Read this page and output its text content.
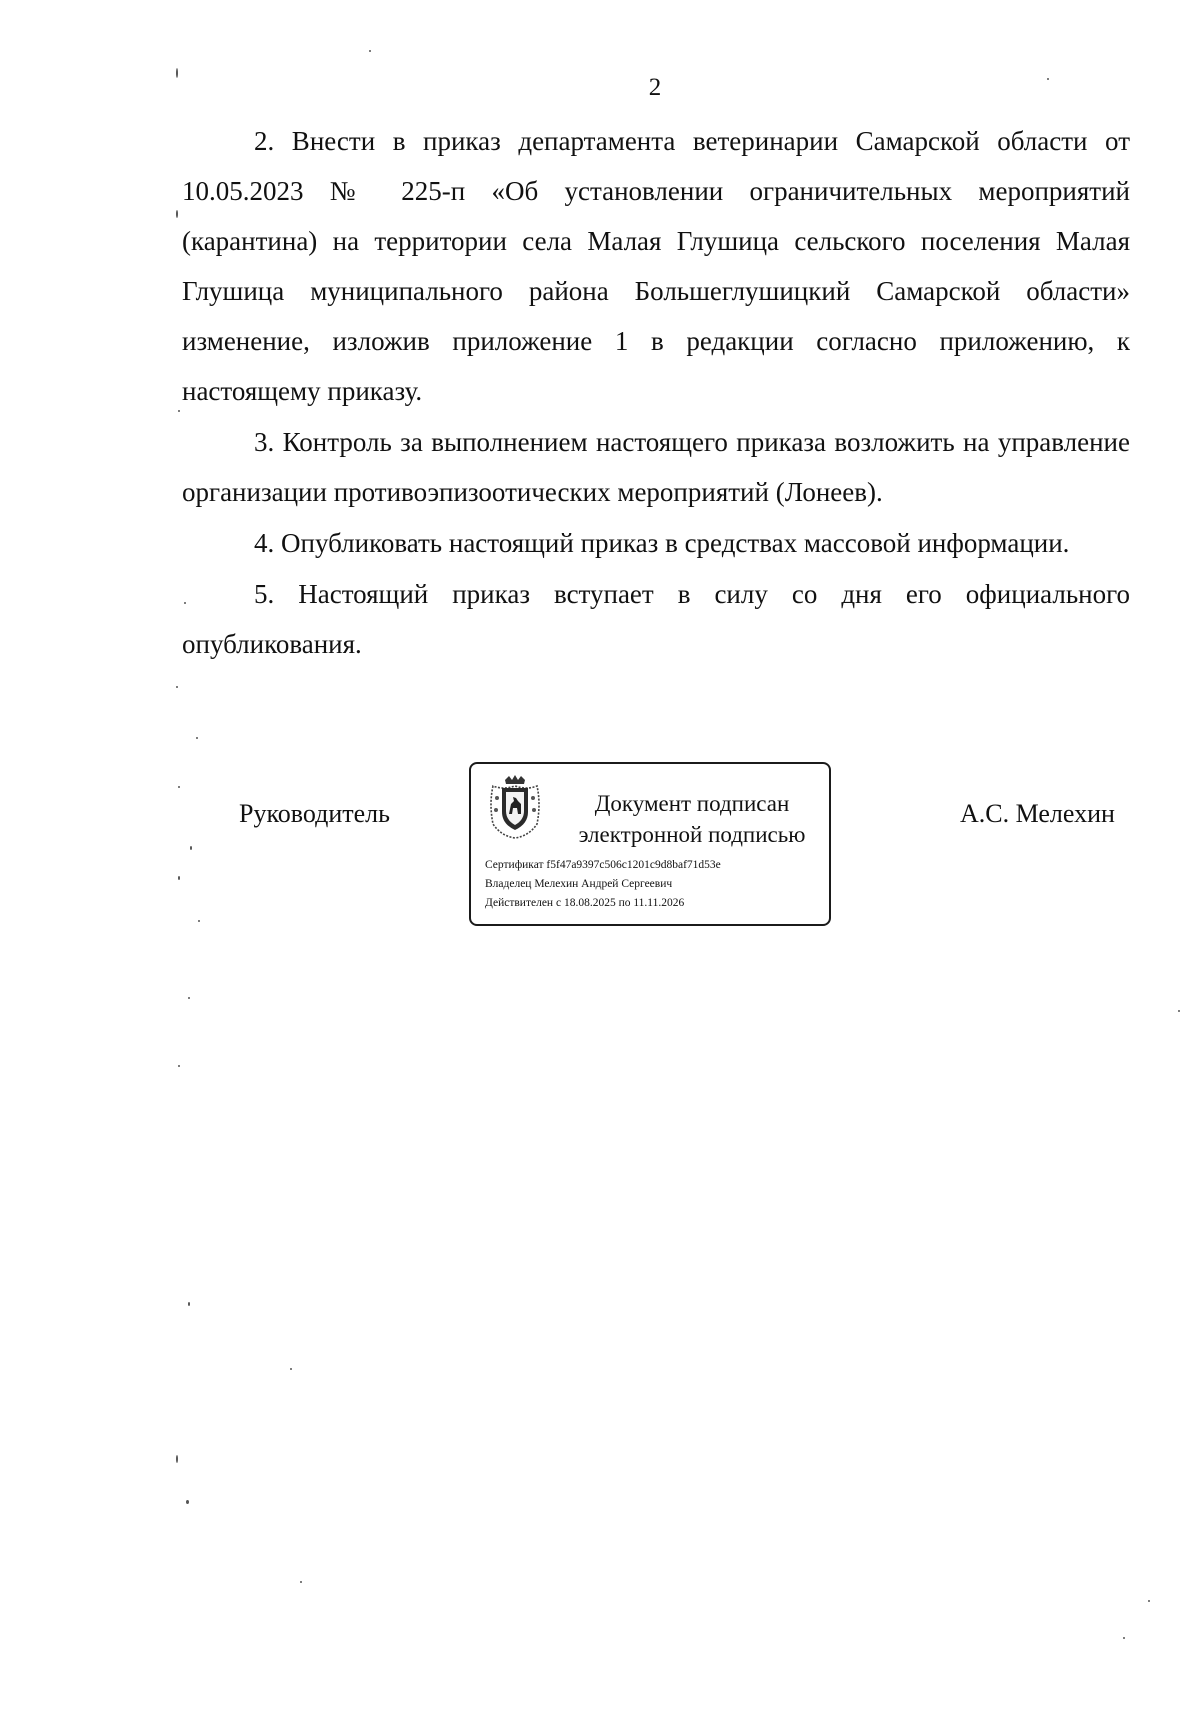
2

2. Внести в приказ департамента ветеринарии Самарской области от 10.05.2023 № 225-п «Об установлении ограничительных мероприятий (карантина) на территории села Малая Глушица сельского поселения Малая Глушица муниципального района Большеглушицкий Самарской области» изменение, изложив приложение 1 в редакции согласно приложению, к настоящему приказу.

3. Контроль за выполнением настоящего приказа возложить на управление организации противоэпизоотических мероприятий (Лонеев).

4. Опубликовать настоящий приказ в средствах массовой информации.

5. Настоящий приказ вступает в силу со дня его официального опубликования.

Руководитель	Документ подписан
электронной подписью
Сертификат f5f47a9397c506c1201c9d8baf71d53e
Владелец Мелехин Андрей Сергеевич
Действителен с 18.08.2025 по 11.11.2026
А.С. Мелехин
